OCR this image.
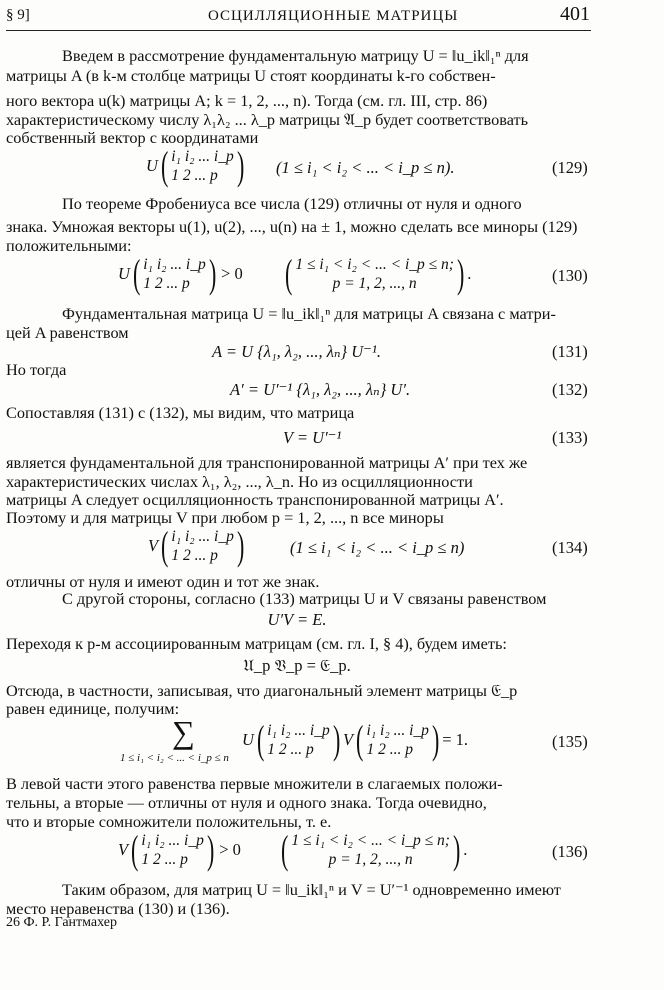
§ 9]	ОСЦИЛЛЯЦИОННЫЕ МАТРИЦЫ	401
Введем в рассмотрение фундаментальную матрицу U = ‖u_ik‖₁ⁿ для
матрицы A (в k-м столбце матрицы U стоят координаты k-го собствен-
ного вектора u(k) матрицы A; k = 1, 2, ..., n). Тогда (см. гл. III, стр. 86)
характеристическому числу λ₁λ₂ ... λ_p матрицы 𝔄_p будет соответствовать
собственный вектор с координатами
U ( i₁ i₂ ... i_p
1 2 ... p ) (1 ≤ i₁ < i₂ < ... < i_p ≤ n).	(129)
По теореме Фробениуса все числа (129) отличны от нуля и одного
знака. Умножая векторы u(1), u(2), ..., u(n) на ± 1, можно сделать все миноры (129)
положительными:
U ( i₁ i₂ ... i_p
1 2 ... p ) > 0 ( 1 ≤ i₁ < i₂ < ... < i_p ≤ n;
p = 1, 2, ..., n	) .	(130)
Фундаментальная матрица U = ‖u_ik‖₁ⁿ для матрицы A связана с матри-
цей A равенством
A = U {λ₁, λ₂, ..., λₙ} U⁻¹.	(131)
Но тогда
A′ = U′⁻¹ {λ₁, λ₂, ..., λₙ} U′.	(132)
Сопоставляя (131) с (132), мы видим, что матрица
V = U′⁻¹	(133)
является фундаментальной для транспонированной матрицы A′ при тех же
характеристических числах λ₁, λ₂, ..., λ_n. Но из осцилляционности
матрицы A следует осцилляционность транспонированной матрицы A′.
Поэтому и для матрицы V при любом p = 1, 2, ..., n все миноры
V ( i₁ i₂ ... i_p
1 2 ... p )	(1 ≤ i₁ < i₂ < ... < i_p ≤ n)	(134)
отличны от нуля и имеют один и тот же знак.
С другой стороны, согласно (133) матрицы U и V связаны равенством
U′V = E.
Переходя к p-м ассоциированным матрицам (см. гл. I, § 4), будем иметь:
𝔘_p 𝔙_p = 𝔈_p.
Отсюда, в частности, записывая, что диагональный элемент матрицы 𝔈_p
равен единице, получим:
∑
1 ≤ i₁ < i₂ < ... < i_p ≤ n
U ( i₁ i₂ ... i_p
1 2 ... p ) V ( i₁ i₂ ... i_p
1 2 ... p ) = 1.	(135)
В левой части этого равенства первые множители в слагаемых положи-
тельны, а вторые — отличны от нуля и одного знака. Тогда очевидно,
что и вторые сомножители положительны, т. е.
V ( i₁ i₂ ... i_p
1 2 ... p ) > 0 ( 1 ≤ i₁ < i₂ < ... < i_p ≤ n;
p = 1, 2, ..., n	) .	(136)
Таким образом, для матриц U = ‖u_ik‖₁ⁿ и V = U′⁻¹ одновременно имеют
место неравенства (130) и (136).
26 Ф. Р. Гантмахер
